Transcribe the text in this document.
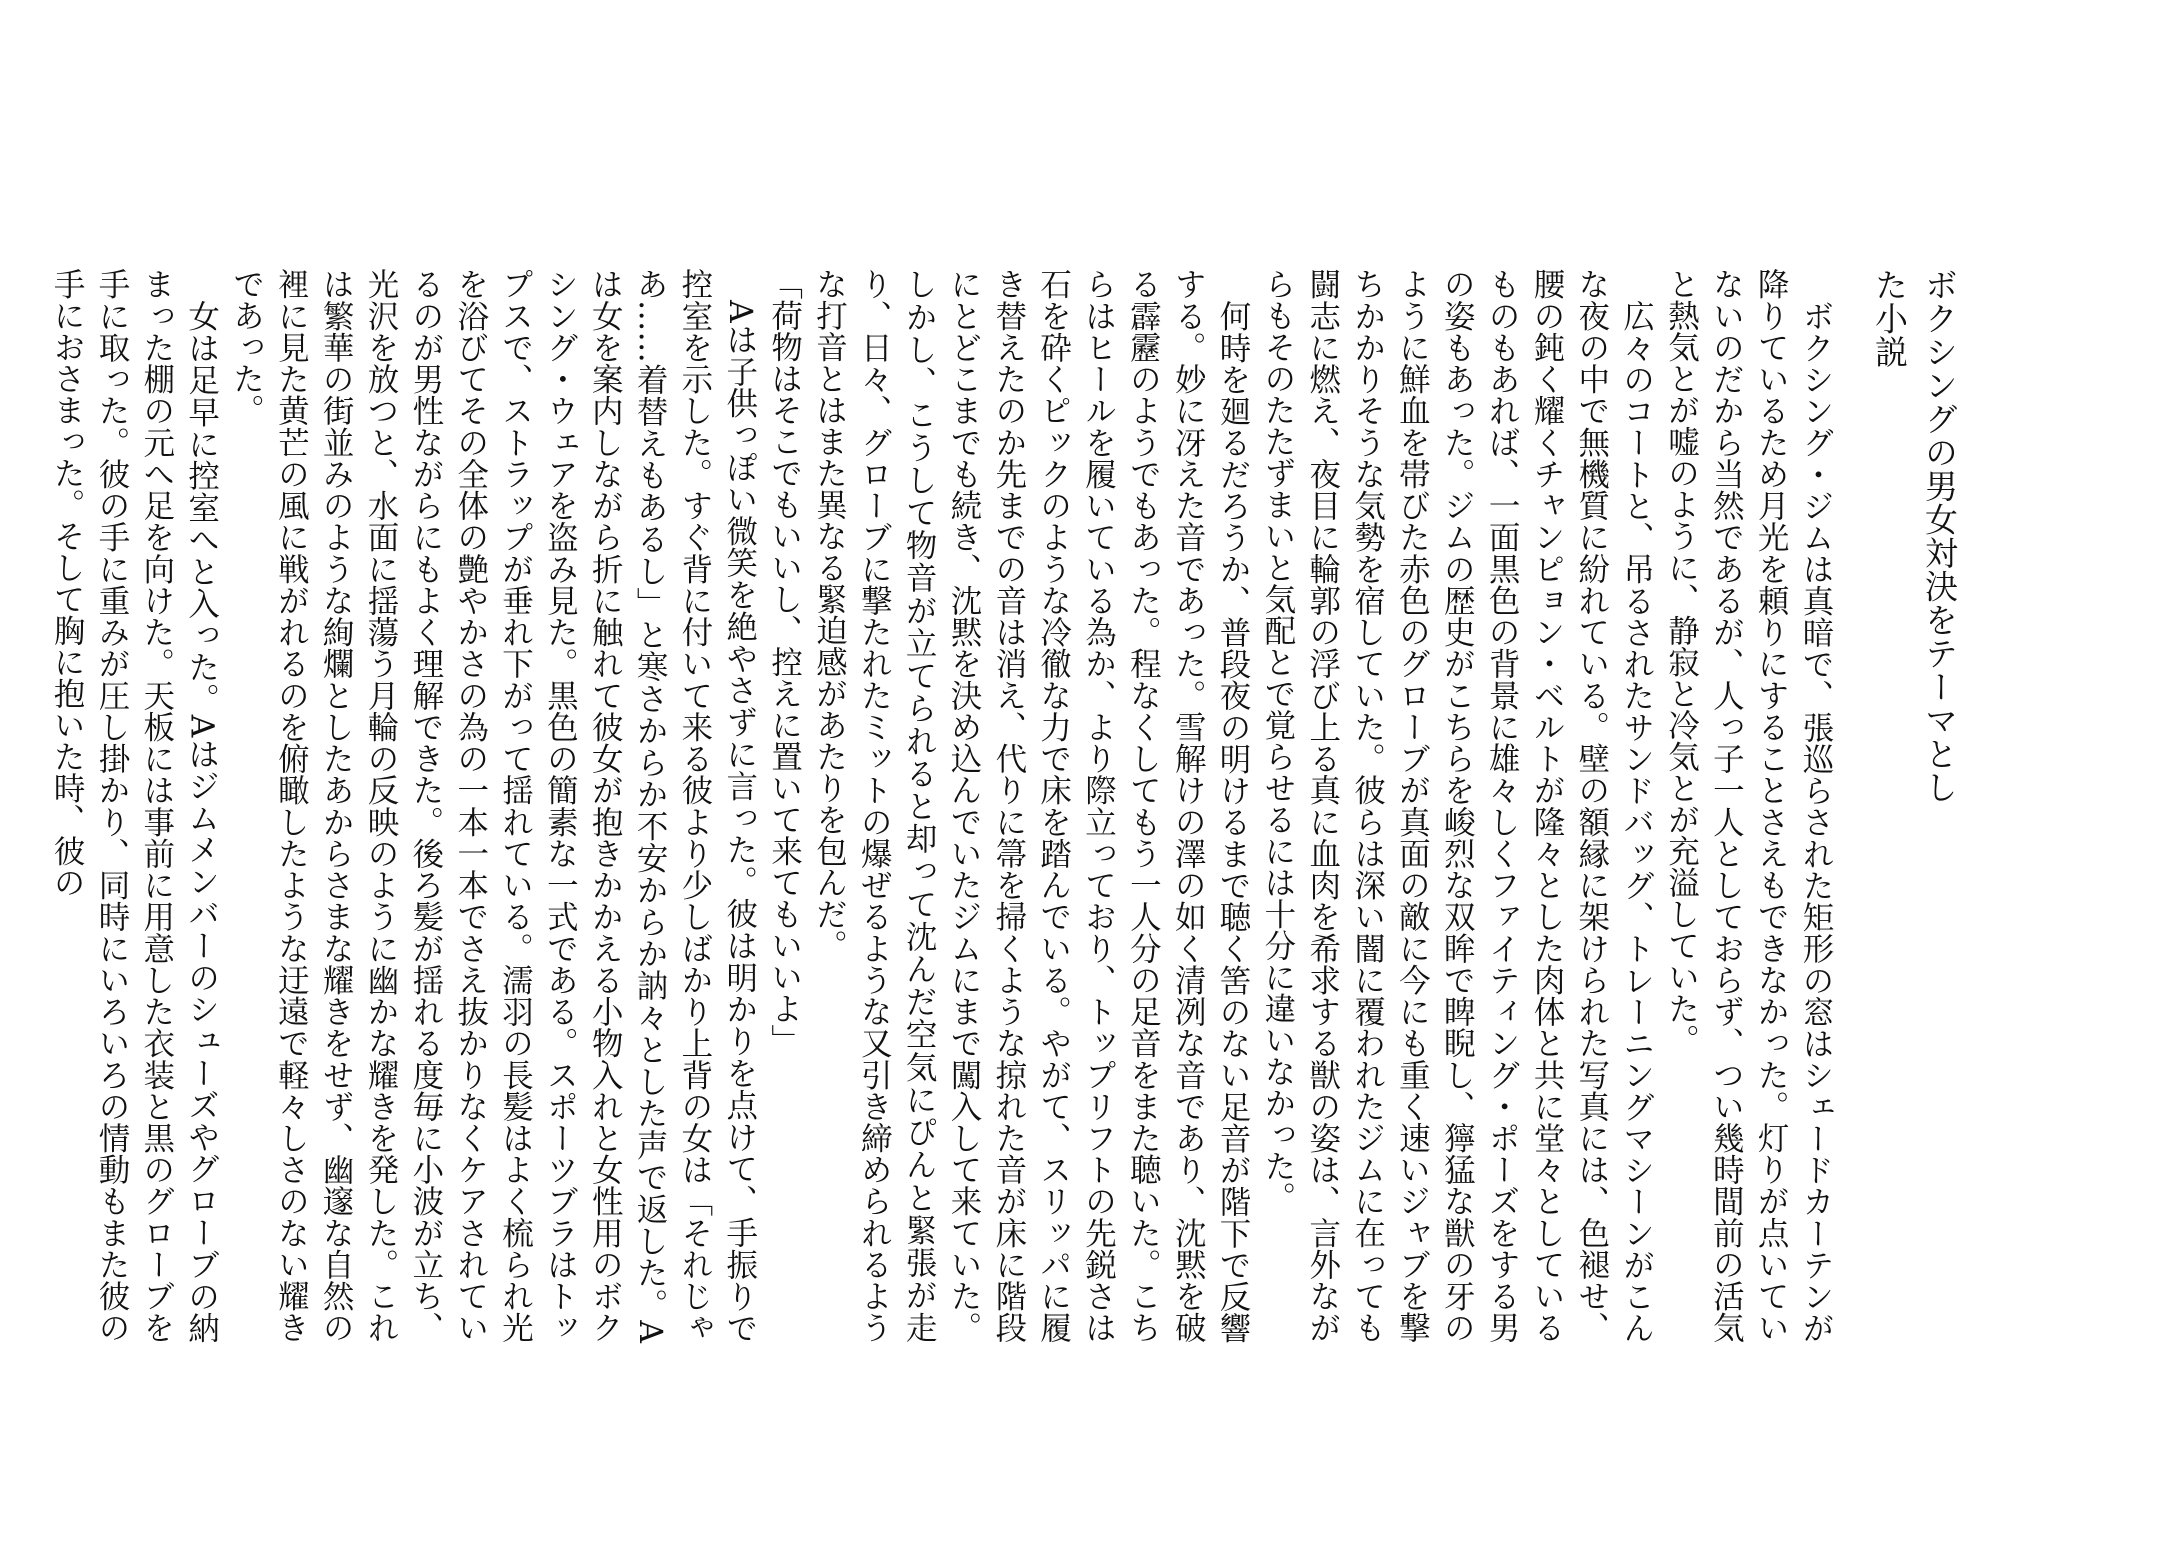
ボクシングの男女対決をテーマとした小説

ボクシング・ジムは真暗で、張巡らされた矩形の窓はシェードカーテンが降りているため月光を頼りにすることさえもできなかった。灯りが点いていないのだから当然であるが、人っ子一人としておらず、つい幾時間前の活気と熱気とが嘘のように、静寂と冷気とが充溢していた。

広々のコートと、吊るされたサンドバッグ、トレーニングマシーンがこんな夜の中で無機質に紛れている。壁の額縁に架けられた写真には、色褪せ、腰の鈍く耀くチャンピョン・ベルトが隆々とした肉体と共に堂々としているものもあれば、一面黒色の背景に雄々しくファイティング・ポーズをする男の姿もあった。ジムの歴史がこちらを峻烈な双眸で睥睨し、獰猛な獣の牙のように鮮血を帯びた赤色のグローブが真面の敵に今にも重く速いジャブを撃ちかかりそうな気勢を宿していた。彼らは深い闇に覆われたジムに在っても闘志に燃え、夜目に輪郭の浮び上る真に血肉を希求する獣の姿は、言外ながらもそのたたずまいと気配とで覚らせるには十分に違いなかった。

何時を廻るだろうか、普段夜の明けるまで聴く筈のない足音が階下で反響する。妙に冴えた音であった。雪解けの澤の如く清冽な音であり、沈黙を破る霹靂のようでもあった。程なくしてもう一人分の足音をまた聴いた。こちらはヒールを履いている為か、より際立っており、トップリフトの先鋭さは石を砕くピックのような冷徹な力で床を踏んでいる。やがて、スリッパに履き替えたのか先までの音は消え、代りに箒を掃くような掠れた音が床に階段にとどこまでも続き、沈黙を決め込んでいたジムにまで闖入して来ていた。しかし、こうして物音が立てられると却って沈んだ空気にぴんと緊張が走り、日々、グローブに撃たれたミットの爆ぜるような又引き締められるような打音とはまた異なる緊迫感があたりを包んだ。

「荷物はそこでもいいし、控えに置いて来てもいいよ」

Aは子供っぽい微笑を絶やさずに言った。彼は明かりを点けて、手振りで控室を示した。すぐ背に付いて来る彼より少しばかり上背の女は「それじゃあ……着替えもあるし」と寒さからか不安からか訥々とした声で返した。Aは女を案内しながら折に触れて彼女が抱きかかえる小物入れと女性用のボクシング・ウェアを盗み見た。黒色の簡素な一式である。スポーツブラはトップスで、ストラップが垂れ下がって揺れている。濡羽の長髪はよく梳られ光を浴びてその全体の艶やかさの為の一本一本でさえ抜かりなくケアされているのが男性ながらにもよく理解できた。後ろ髪が揺れる度毎に小波が立ち、光沢を放つと、水面に揺蕩う月輪の反映のように幽かな耀きを発した。これは繁華の街並みのような絢爛としたあからさまな耀きをせず、幽邃な自然の裡に見た黄芒の風に戦がれるのを俯瞰したような迂遠で軽々しさのない耀きであった。

女は足早に控室へと入った。Aはジムメンバーのシューズやグローブの納まった棚の元へ足を向けた。天板には事前に用意した衣装と黒のグローブを手に取った。彼の手に重みが圧し掛かり、同時にいろいろの情動もまた彼の手におさまった。そして胸に抱いた時、彼の
